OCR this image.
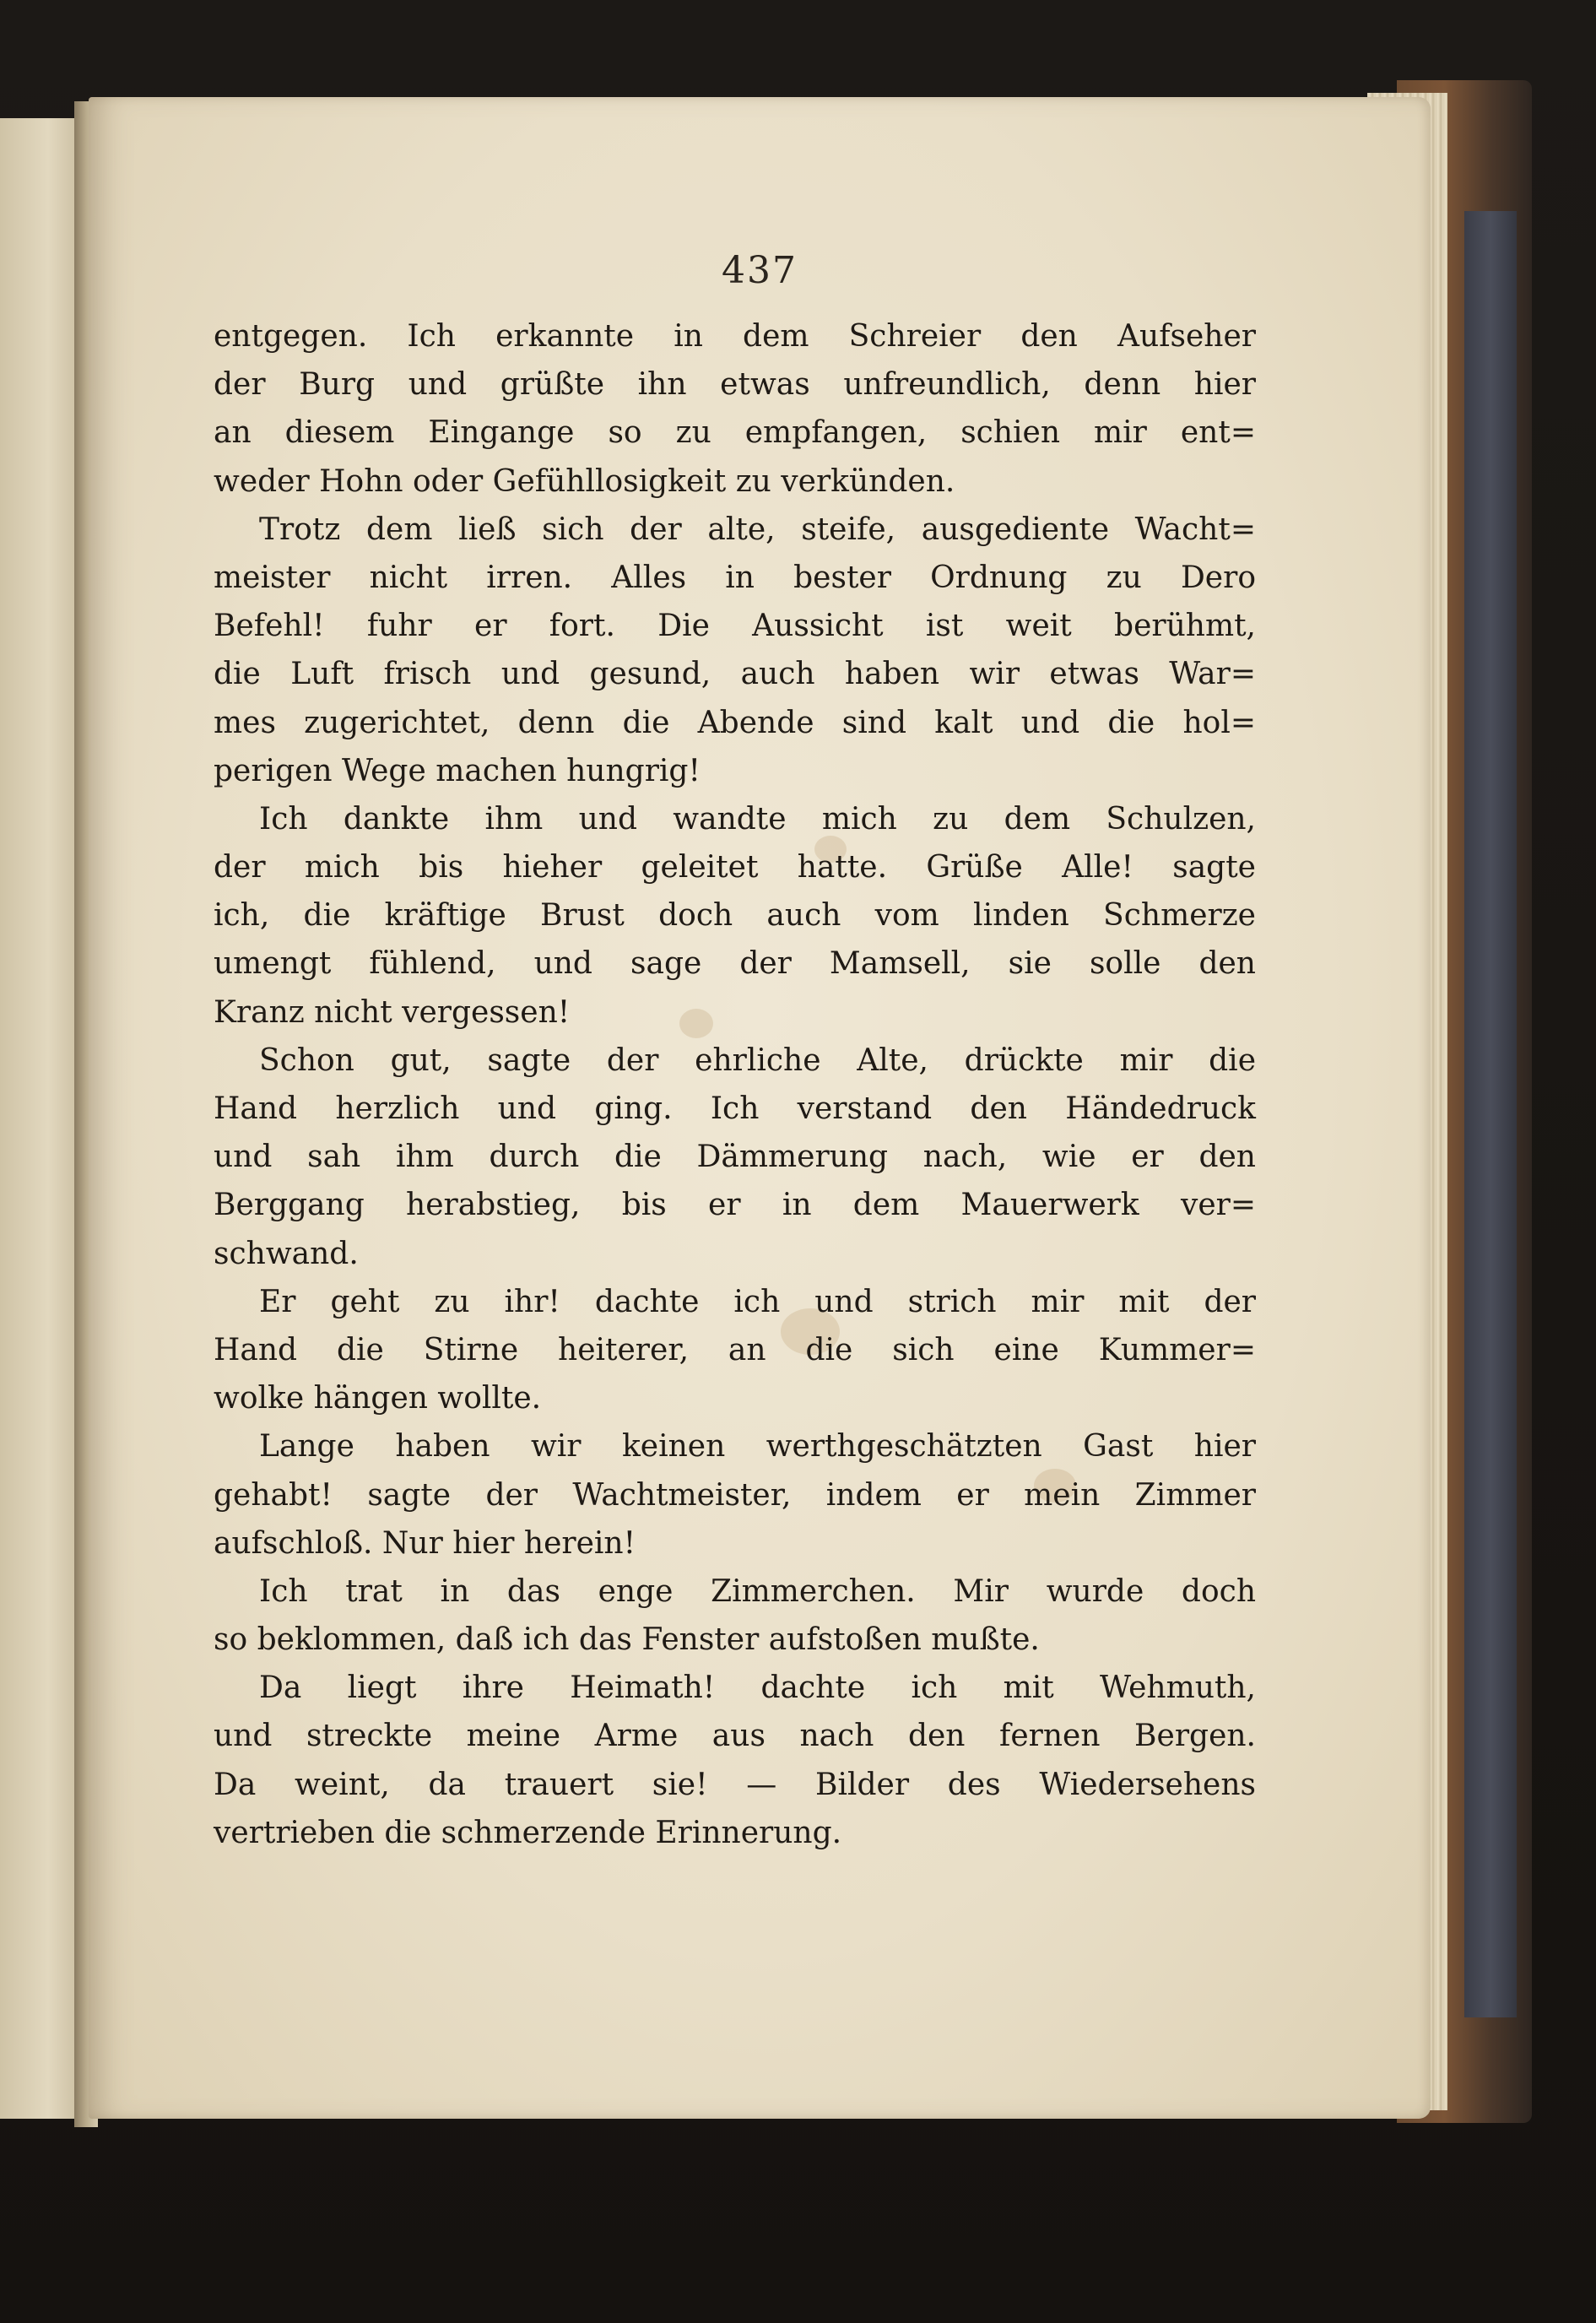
437
entgegen. Ich erkannte in dem Schreier den Aufseher
der Burg und grüßte ihn etwas unfreundlich, denn hier
an diesem Eingange so zu empfangen, schien mir ent=
weder Hohn oder Gefühllosigkeit zu verkünden.
Trotz dem ließ sich der alte, steife, ausgediente Wacht=
meister nicht irren. Alles in bester Ordnung zu Dero
Befehl! fuhr er fort. Die Aussicht ist weit berühmt,
die Luft frisch und gesund, auch haben wir etwas War=
mes zugerichtet, denn die Abende sind kalt und die hol=
perigen Wege machen hungrig!
Ich dankte ihm und wandte mich zu dem Schulzen,
der mich bis hieher geleitet hatte. Grüße Alle! sagte
ich, die kräftige Brust doch auch vom linden Schmerze
umengt fühlend, und sage der Mamsell, sie solle den
Kranz nicht vergessen!
Schon gut, sagte der ehrliche Alte, drückte mir die
Hand herzlich und ging. Ich verstand den Händedruck
und sah ihm durch die Dämmerung nach, wie er den
Berggang herabstieg, bis er in dem Mauerwerk ver=
schwand.
Er geht zu ihr! dachte ich und strich mir mit der
Hand die Stirne heiterer, an die sich eine Kummer=
wolke hängen wollte.
Lange haben wir keinen werthgeschätzten Gast hier
gehabt! sagte der Wachtmeister, indem er mein Zimmer
aufschloß. Nur hier herein!
Ich trat in das enge Zimmerchen. Mir wurde doch
so beklommen, daß ich das Fenster aufstoßen mußte.
Da liegt ihre Heimath! dachte ich mit Wehmuth,
und streckte meine Arme aus nach den fernen Bergen.
Da weint, da trauert sie! — Bilder des Wiedersehens
vertrieben die schmerzende Erinnerung.
